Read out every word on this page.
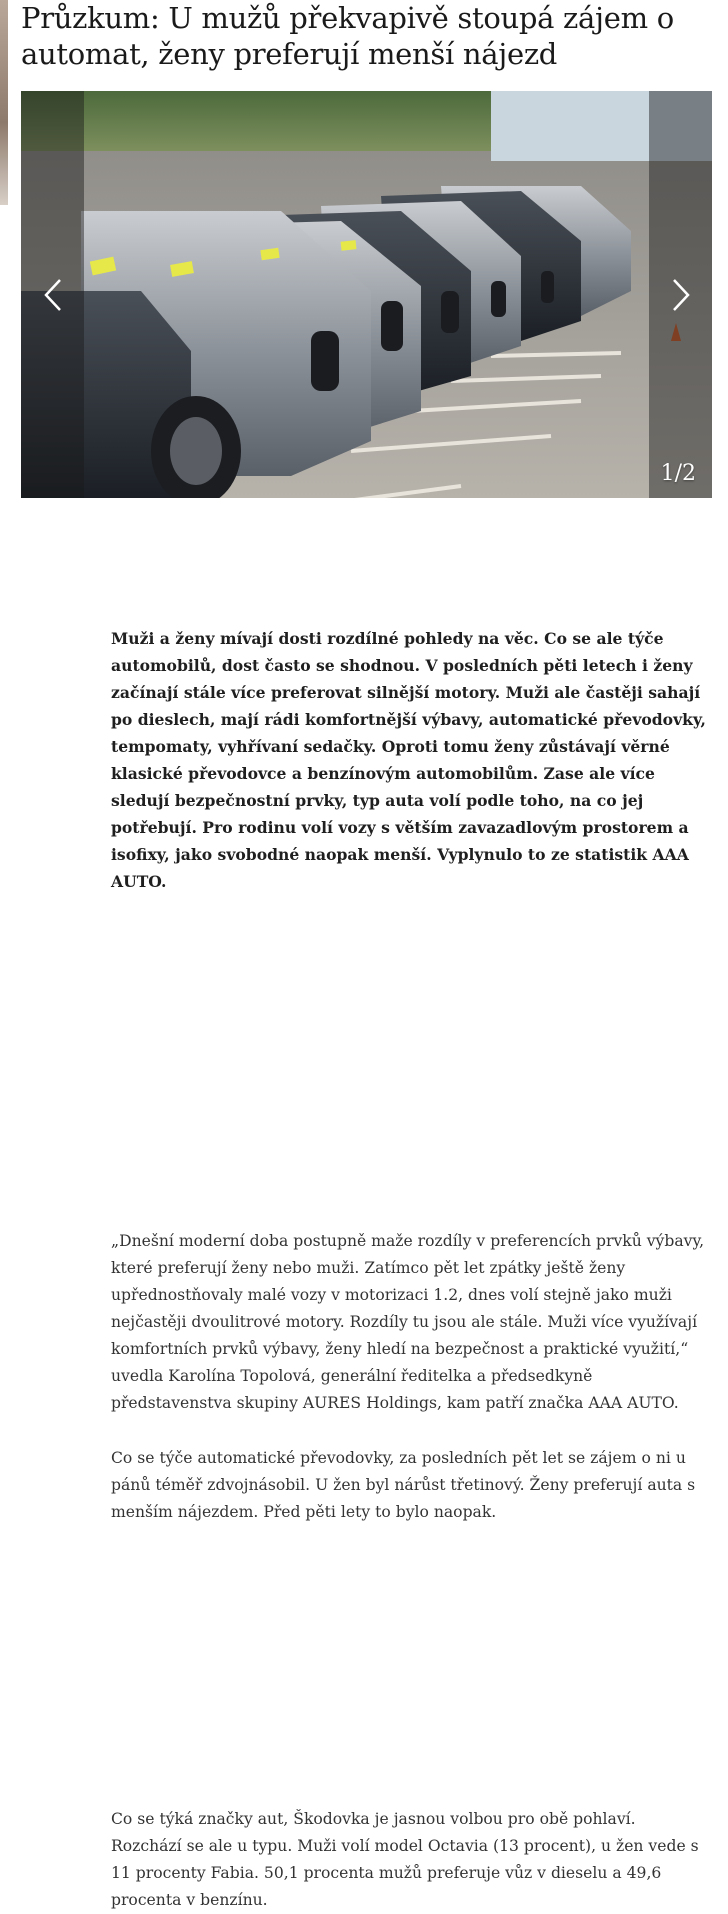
Průzkum: U mužů překvapivě stoupá zájem o automat, ženy preferují menší nájezd
1/2

Muži a ženy mívají dosti rozdílné pohledy na věc. Co se ale týče automobilů, dost často se shodnou. V posledních pěti letech i ženy začínají stále více preferovat silnější motory. Muži ale častěji sahají po dieslech, mají rádi komfortnější výbavy, automatické převodovky, tempomaty, vyhřívaní sedačky. Oproti tomu ženy zůstávají věrné klasické převodovce a benzínovým automobilům. Zase ale více sledují bezpečnostní prvky, typ auta volí podle toho, na co jej potřebují. Pro rodinu volí vozy s větším zavazadlovým prostorem a isofixy, jako svobodné naopak menší. Vyplynulo to ze statistik AAA AUTO.

„Dnešní moderní doba postupně maže rozdíly v preferencích prvků výbavy, které preferují ženy nebo muži. Zatímco pět let zpátky ještě ženy upřednostňovaly malé vozy v motorizaci 1.2, dnes volí stejně jako muži nejčastěji dvoulitrové motory. Rozdíly tu jsou ale stále. Muži více využívají komfortních prvků výbavy, ženy hledí na bezpečnost a praktické využití,“ uvedla Karolína Topolová, generální ředitelka a předsedkyně představenstva skupiny AURES Holdings, kam patří značka AAA AUTO.

Co se týče automatické převodovky, za posledních pět let se zájem o ni u pánů téměř zdvojnásobil. U žen byl nárůst třetinový. Ženy preferují auta s menším nájezdem. Před pěti lety to bylo naopak.

Co se týká značky aut, Škodovka je jasnou volbou pro obě pohlaví. Rozchází se ale u typu. Muži volí model Octavia (13 procent), u žen vede s 11 procenty Fabia. 50,1 procenta mužů preferuje vůz v dieselu a 49,6 procenta v benzínu.
